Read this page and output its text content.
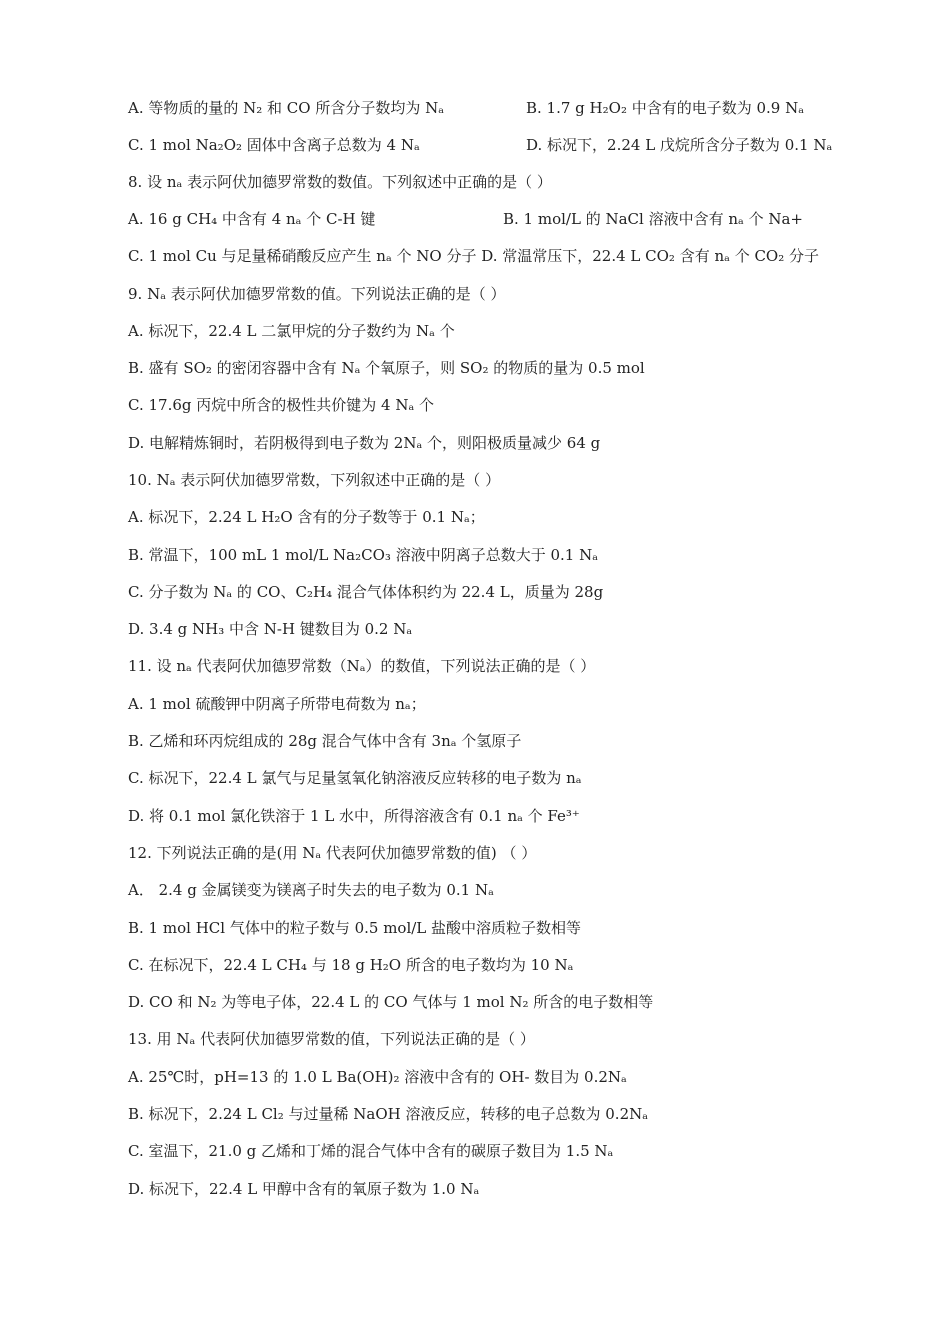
A. 等物质的量的 N₂ 和 CO 所含分子数均为 Nₐ	B. 1.7 g H₂O₂ 中含有的电子数为 0.9 Nₐ
C. 1 mol Na₂O₂ 固体中含离子总数为 4 Nₐ	D. 标况下，2.24 L 戊烷所含分子数为 0.1 Nₐ
8. 设 nₐ 表示阿伏加德罗常数的数值。下列叙述中正确的是（ ）
A. 16 g CH₄ 中含有 4 nₐ 个 C-H 键	B. 1 mol/L 的 NaCl 溶液中含有 nₐ 个 Na+
C. 1 mol Cu 与足量稀硝酸反应产生 nₐ 个 NO 分子 D. 常温常压下，22.4 L CO₂ 含有 nₐ 个 CO₂ 分子
9. Nₐ 表示阿伏加德罗常数的值。下列说法正确的是（ ）
A. 标况下，22.4 L 二氯甲烷的分子数约为 Nₐ 个
B. 盛有 SO₂ 的密闭容器中含有 Nₐ 个氧原子，则 SO₂ 的物质的量为 0.5 mol
C. 17.6g 丙烷中所含的极性共价键为 4 Nₐ 个
D. 电解精炼铜时，若阴极得到电子数为 2Nₐ 个，则阳极质量减少 64 g
10. Nₐ 表示阿伏加德罗常数，下列叙述中正确的是（ ）
A. 标况下，2.24 L H₂O 含有的分子数等于 0.1 Nₐ；
B. 常温下，100 mL 1 mol/L Na₂CO₃ 溶液中阴离子总数大于 0.1 Nₐ
C. 分子数为 Nₐ 的 CO、C₂H₄ 混合气体体积约为 22.4 L，质量为 28g
D. 3.4 g NH₃ 中含 N-H 键数目为 0.2 Nₐ
11. 设 nₐ 代表阿伏加德罗常数（Nₐ）的数值，下列说法正确的是（ ）
A. 1 mol 硫酸钾中阴离子所带电荷数为 nₐ；
B. 乙烯和环丙烷组成的 28g 混合气体中含有 3nₐ 个氢原子
C. 标况下，22.4 L 氯气与足量氢氧化钠溶液反应转移的电子数为 nₐ
D. 将 0.1 mol 氯化铁溶于 1 L 水中，所得溶液含有 0.1 nₐ 个 Fe³⁺
12. 下列说法正确的是(用 Nₐ 代表阿伏加德罗常数的值) （ ）
A． 2.4 g 金属镁变为镁离子时失去的电子数为 0.1 Nₐ
B. 1 mol HCl 气体中的粒子数与 0.5 mol/L 盐酸中溶质粒子数相等
C. 在标况下，22.4 L CH₄ 与 18 g H₂O 所含的电子数均为 10 Nₐ
D. CO 和 N₂ 为等电子体，22.4 L 的 CO 气体与 1 mol N₂ 所含的电子数相等
13. 用 Nₐ 代表阿伏加德罗常数的值，下列说法正确的是（ ）
A. 25℃时，pH=13 的 1.0 L Ba(OH)₂ 溶液中含有的 OH- 数目为 0.2Nₐ
B. 标况下，2.24 L Cl₂ 与过量稀 NaOH 溶液反应，转移的电子总数为 0.2Nₐ
C. 室温下，21.0 g 乙烯和丁烯的混合气体中含有的碳原子数目为 1.5 Nₐ
D. 标况下，22.4 L 甲醇中含有的氧原子数为 1.0 Nₐ
